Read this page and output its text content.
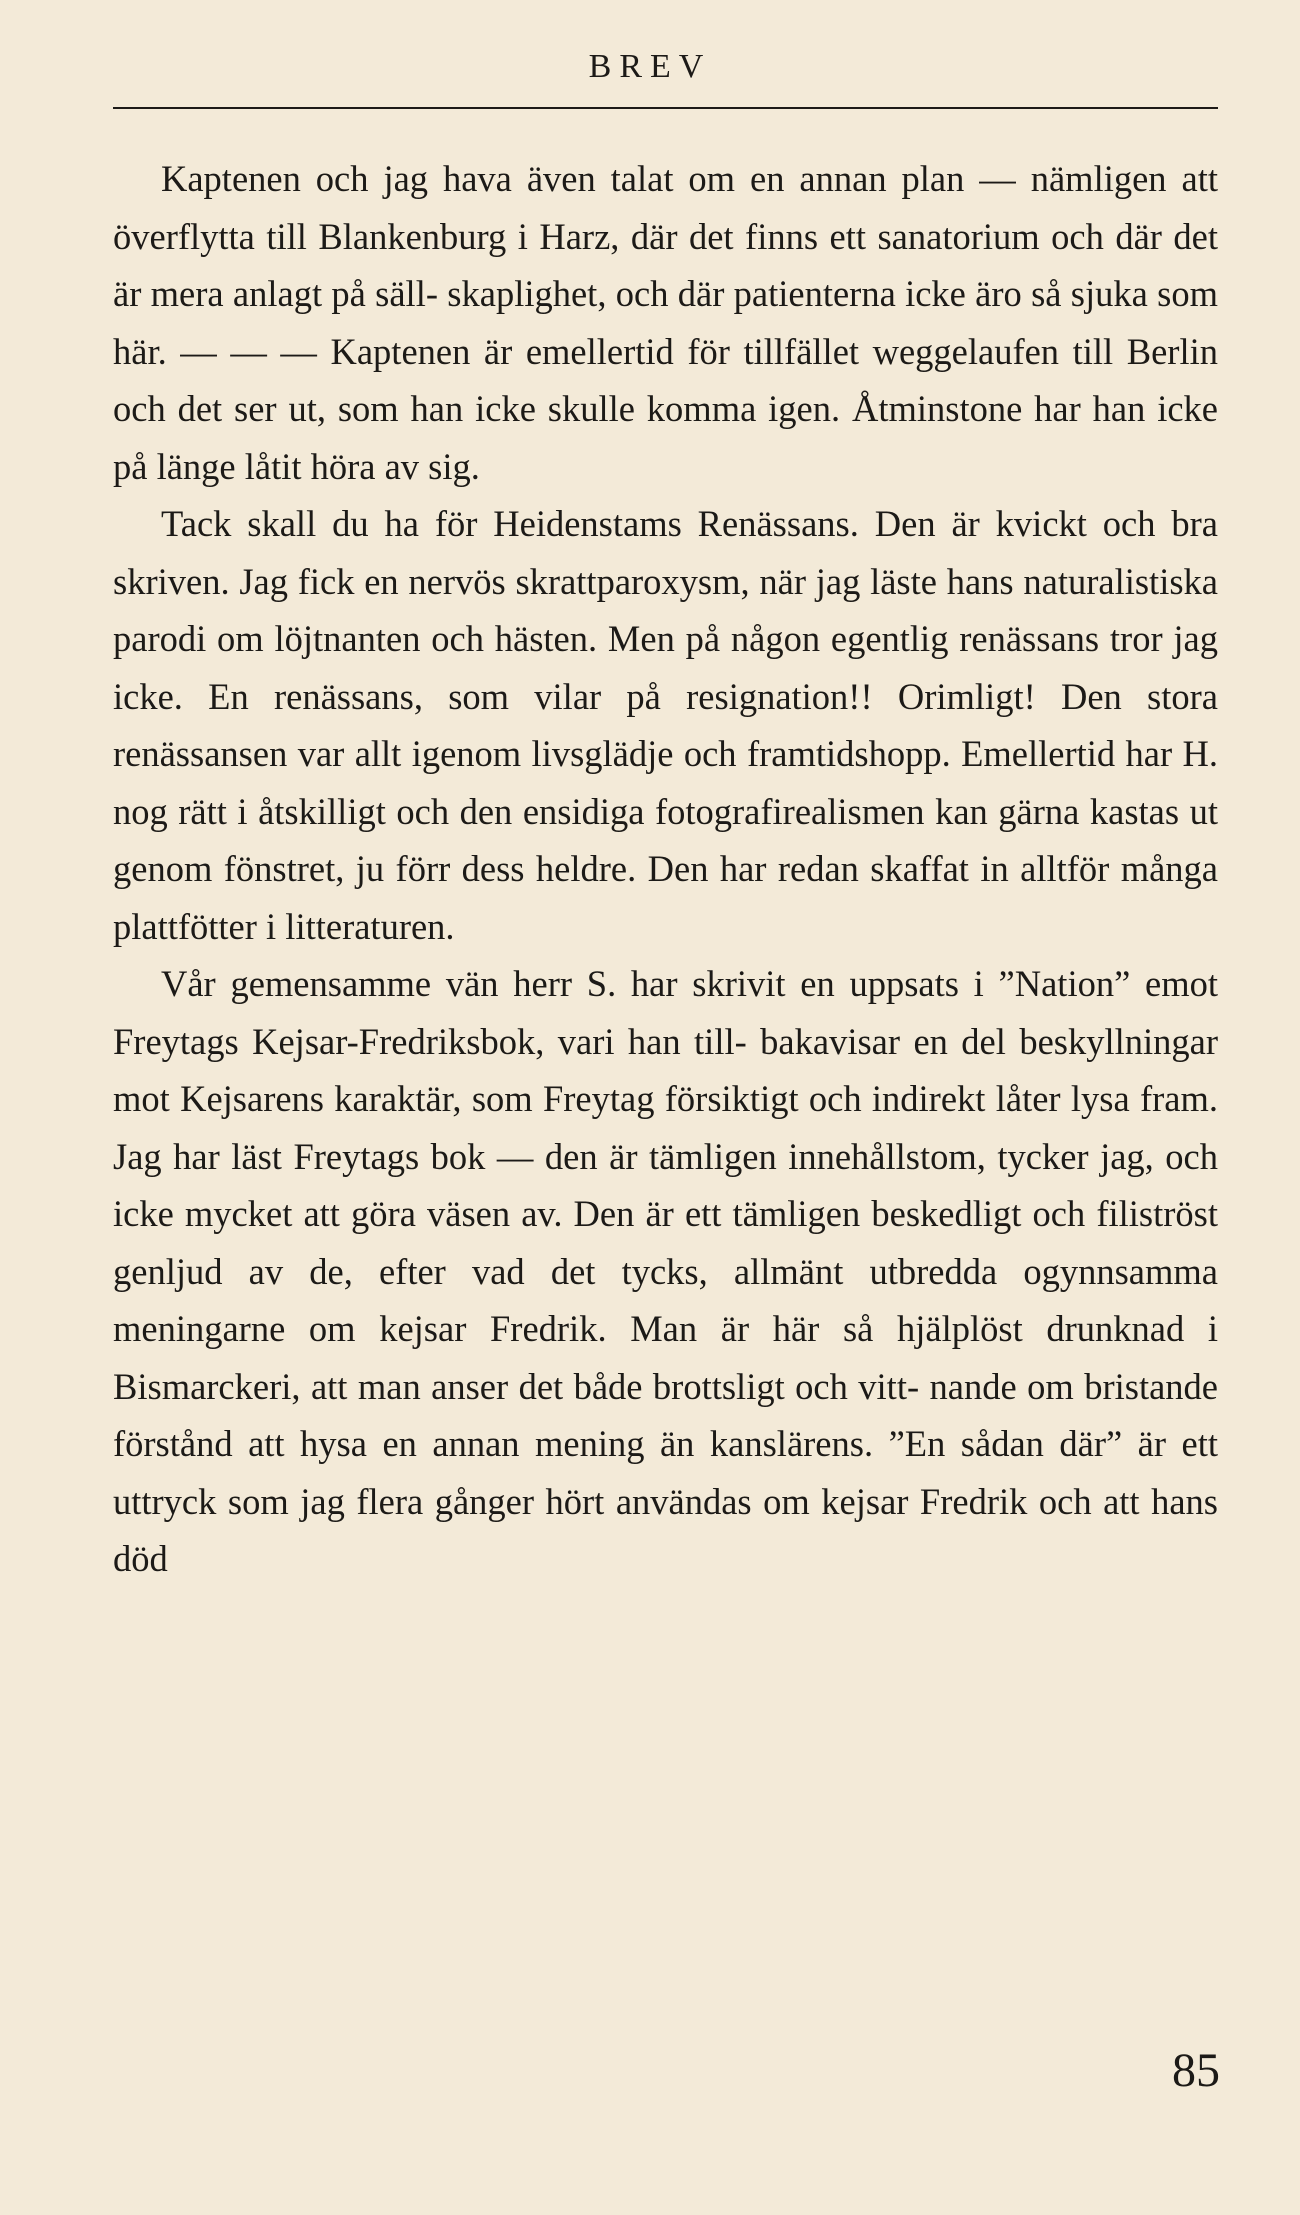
BREV

Kaptenen och jag hava även talat om en annan plan — nämligen att överflytta till Blankenburg i Harz, där det finns ett sanatorium och där det är mera anlagt på säll- skaplighet, och där patienterna icke äro så sjuka som här. — — — Kaptenen är emellertid för tillfället weggelaufen till Berlin och det ser ut, som han icke skulle komma igen. Åtminstone har han icke på länge låtit höra av sig.

Tack skall du ha för Heidenstams Renässans. Den är kvickt och bra skriven. Jag fick en nervös skrattparoxysm, när jag läste hans naturalistiska parodi om löjtnanten och hästen. Men på någon egentlig renässans tror jag icke. En renässans, som vilar på resignation!! Orimligt! Den stora renässansen var allt igenom livsglädje och framtidshopp. Emellertid har H. nog rätt i åtskilligt och den ensidiga fotografirealismen kan gärna kastas ut genom fönstret, ju förr dess heldre. Den har redan skaffat in alltför många plattfötter i litteraturen.

Vår gemensamme vän herr S. har skrivit en uppsats i ”Nation” emot Freytags Kejsar-Fredriksbok, vari han till- bakavisar en del beskyllningar mot Kejsarens karaktär, som Freytag försiktigt och indirekt låter lysa fram. Jag har läst Freytags bok — den är tämligen innehållstom, tycker jag, och icke mycket att göra väsen av. Den är ett tämligen beskedligt och filiströst genljud av de, efter vad det tycks, allmänt utbredda ogynnsamma meningarne om kejsar Fredrik. Man är här så hjälplöst drunknad i Bismarckeri, att man anser det både brottsligt och vitt- nande om bristande förstånd att hysa en annan mening än kanslärens. ”En sådan där” är ett uttryck som jag flera gånger hört användas om kejsar Fredrik och att hans död

85
